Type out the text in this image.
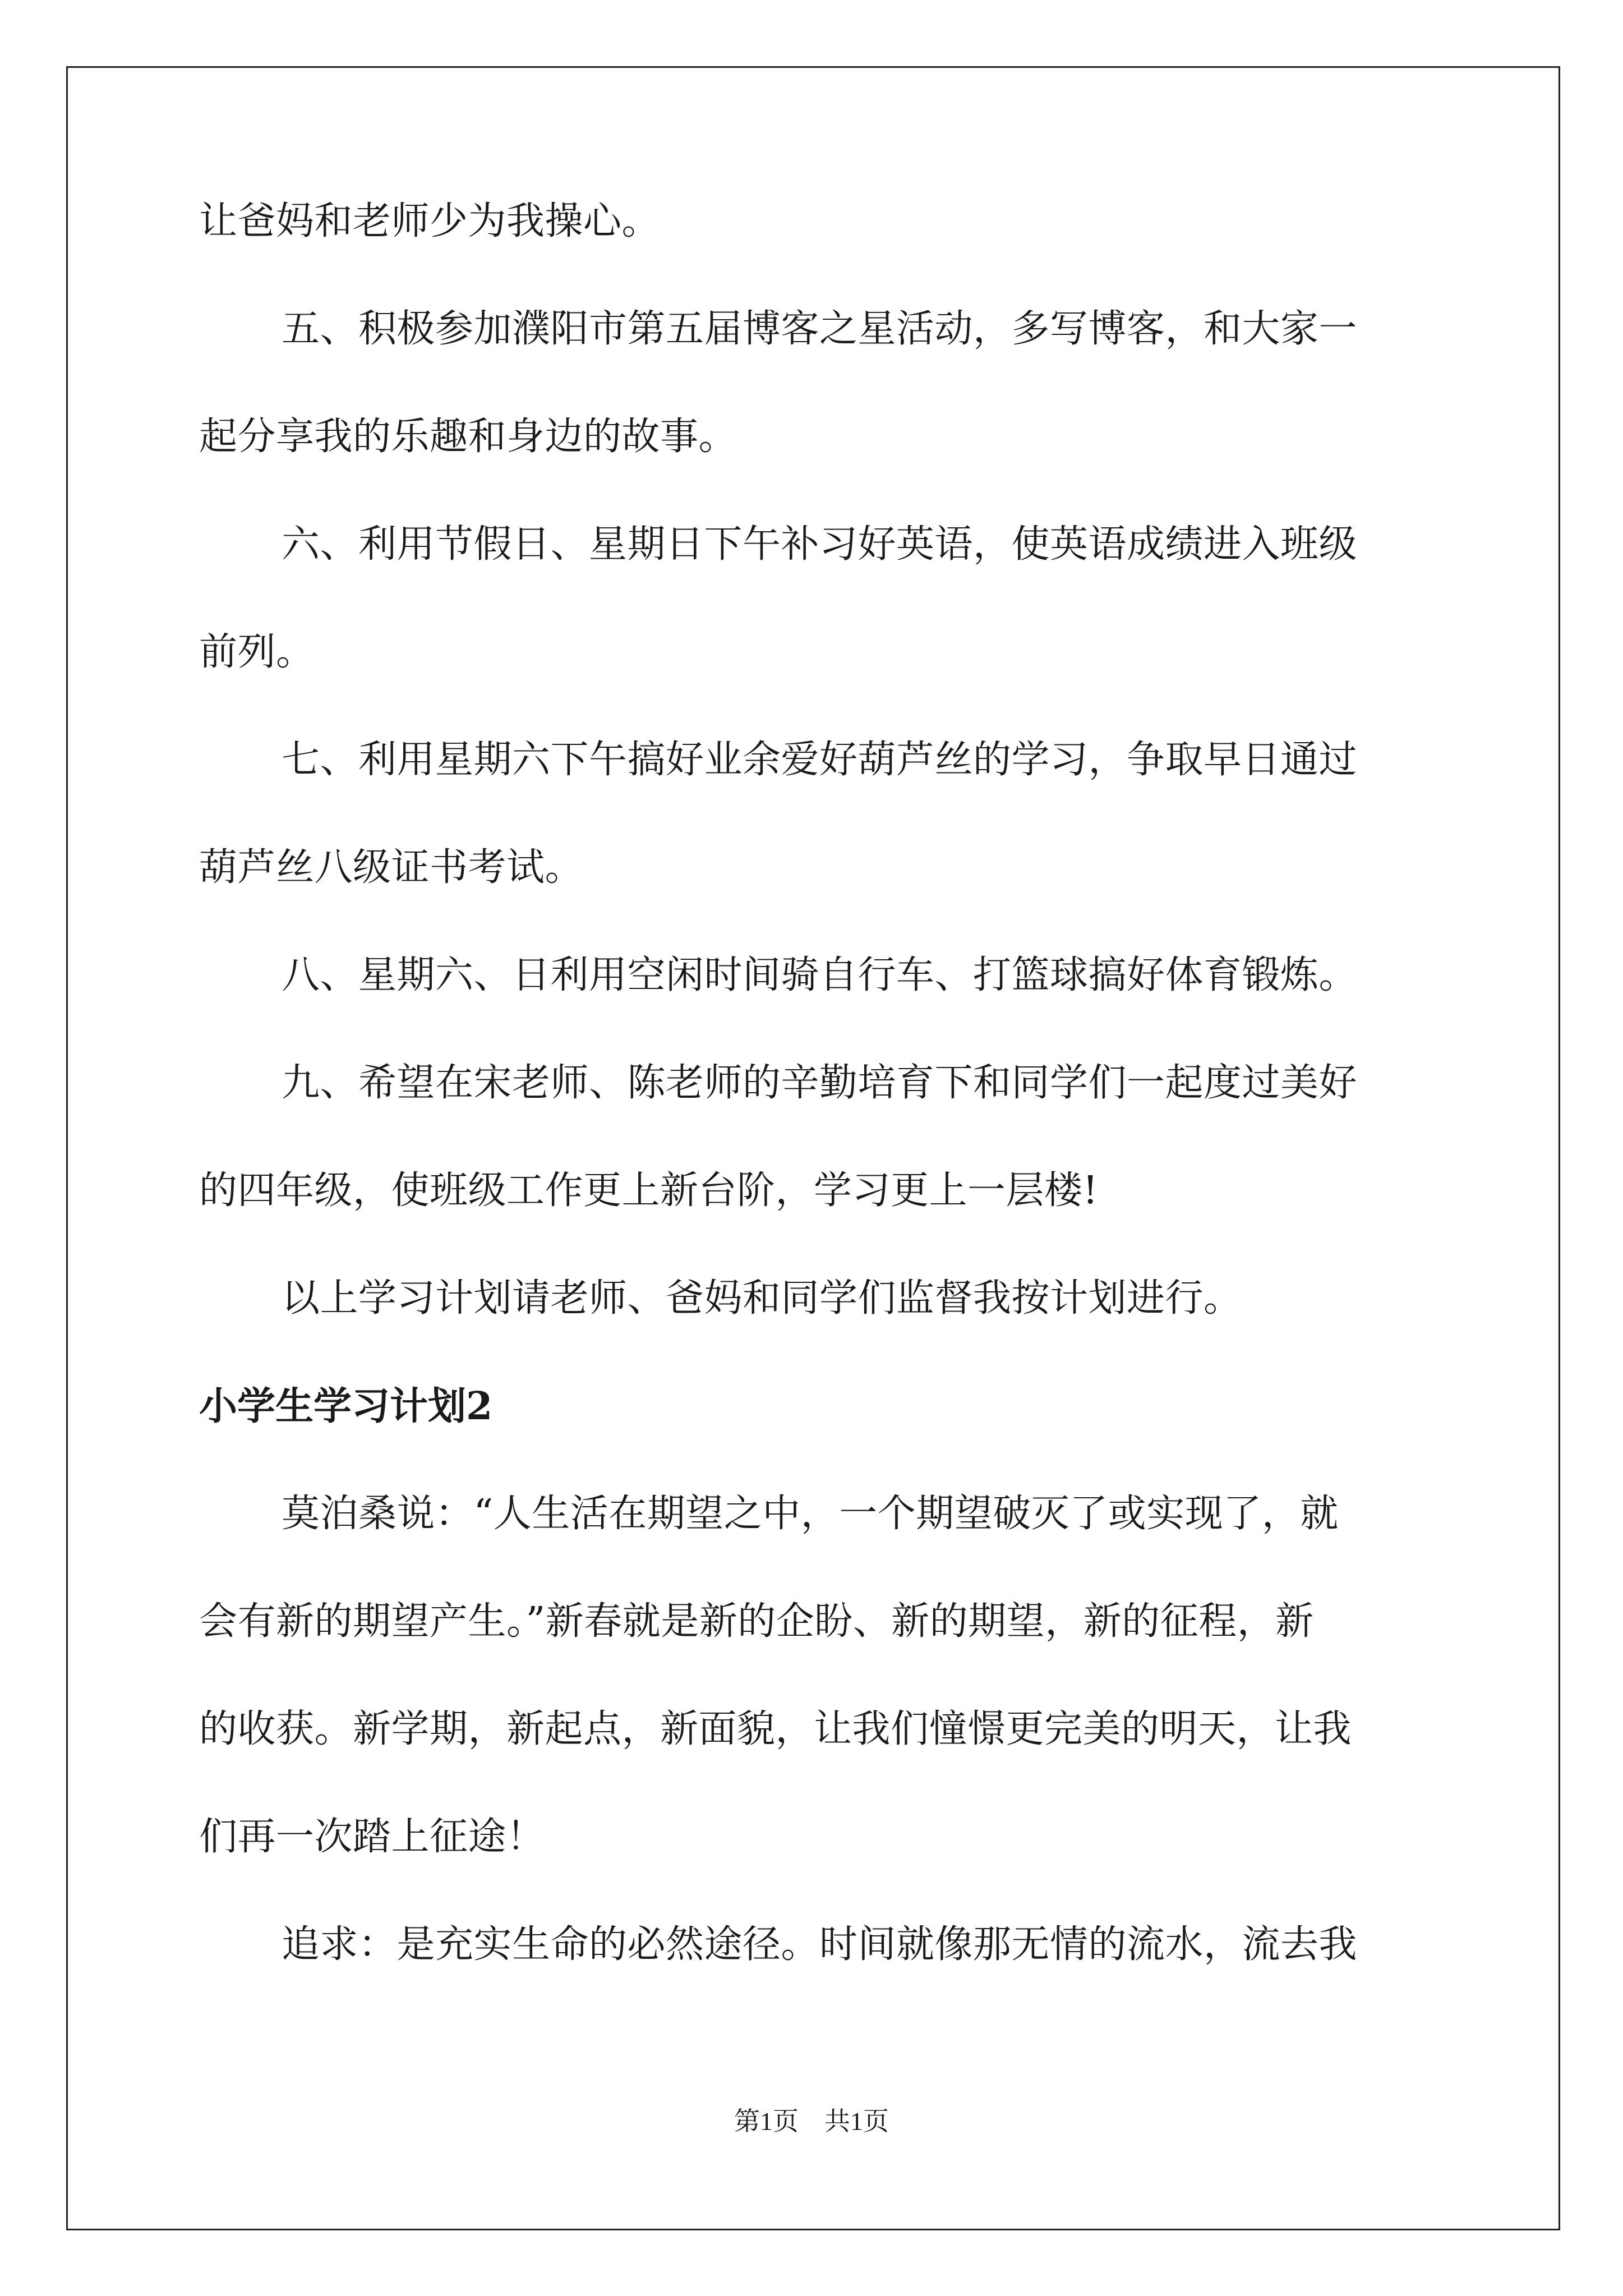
让爸妈和老师少为我操心。

五、积极参加濮阳市第五届博客之星活动，多写博客，和大家一
起分享我的乐趣和身边的故事。

六、利用节假日、星期日下午补习好英语，使英语成绩进入班级
前列。

七、利用星期六下午搞好业余爱好葫芦丝的学习，争取早日通过
葫芦丝八级证书考试。

八、星期六、日利用空闲时间骑自行车、打篮球搞好体育锻炼。

九、希望在宋老师、陈老师的辛勤培育下和同学们一起度过美好
的四年级，使班级工作更上新台阶，学习更上一层楼!

以上学习计划请老师、爸妈和同学们监督我按计划进行。

小学生学习计划2

莫泊桑说：“人生活在期望之中，一个期望破灭了或实现了，就
会有新的期望产生。”新春就是新的企盼、新的期望，新的征程，新
的收获。新学期，新起点，新面貌，让我们憧憬更完美的明天，让我
们再一次踏上征途！

追求：是充实生命的必然途径。时间就像那无情的流水，流去我

第1页　共1页
